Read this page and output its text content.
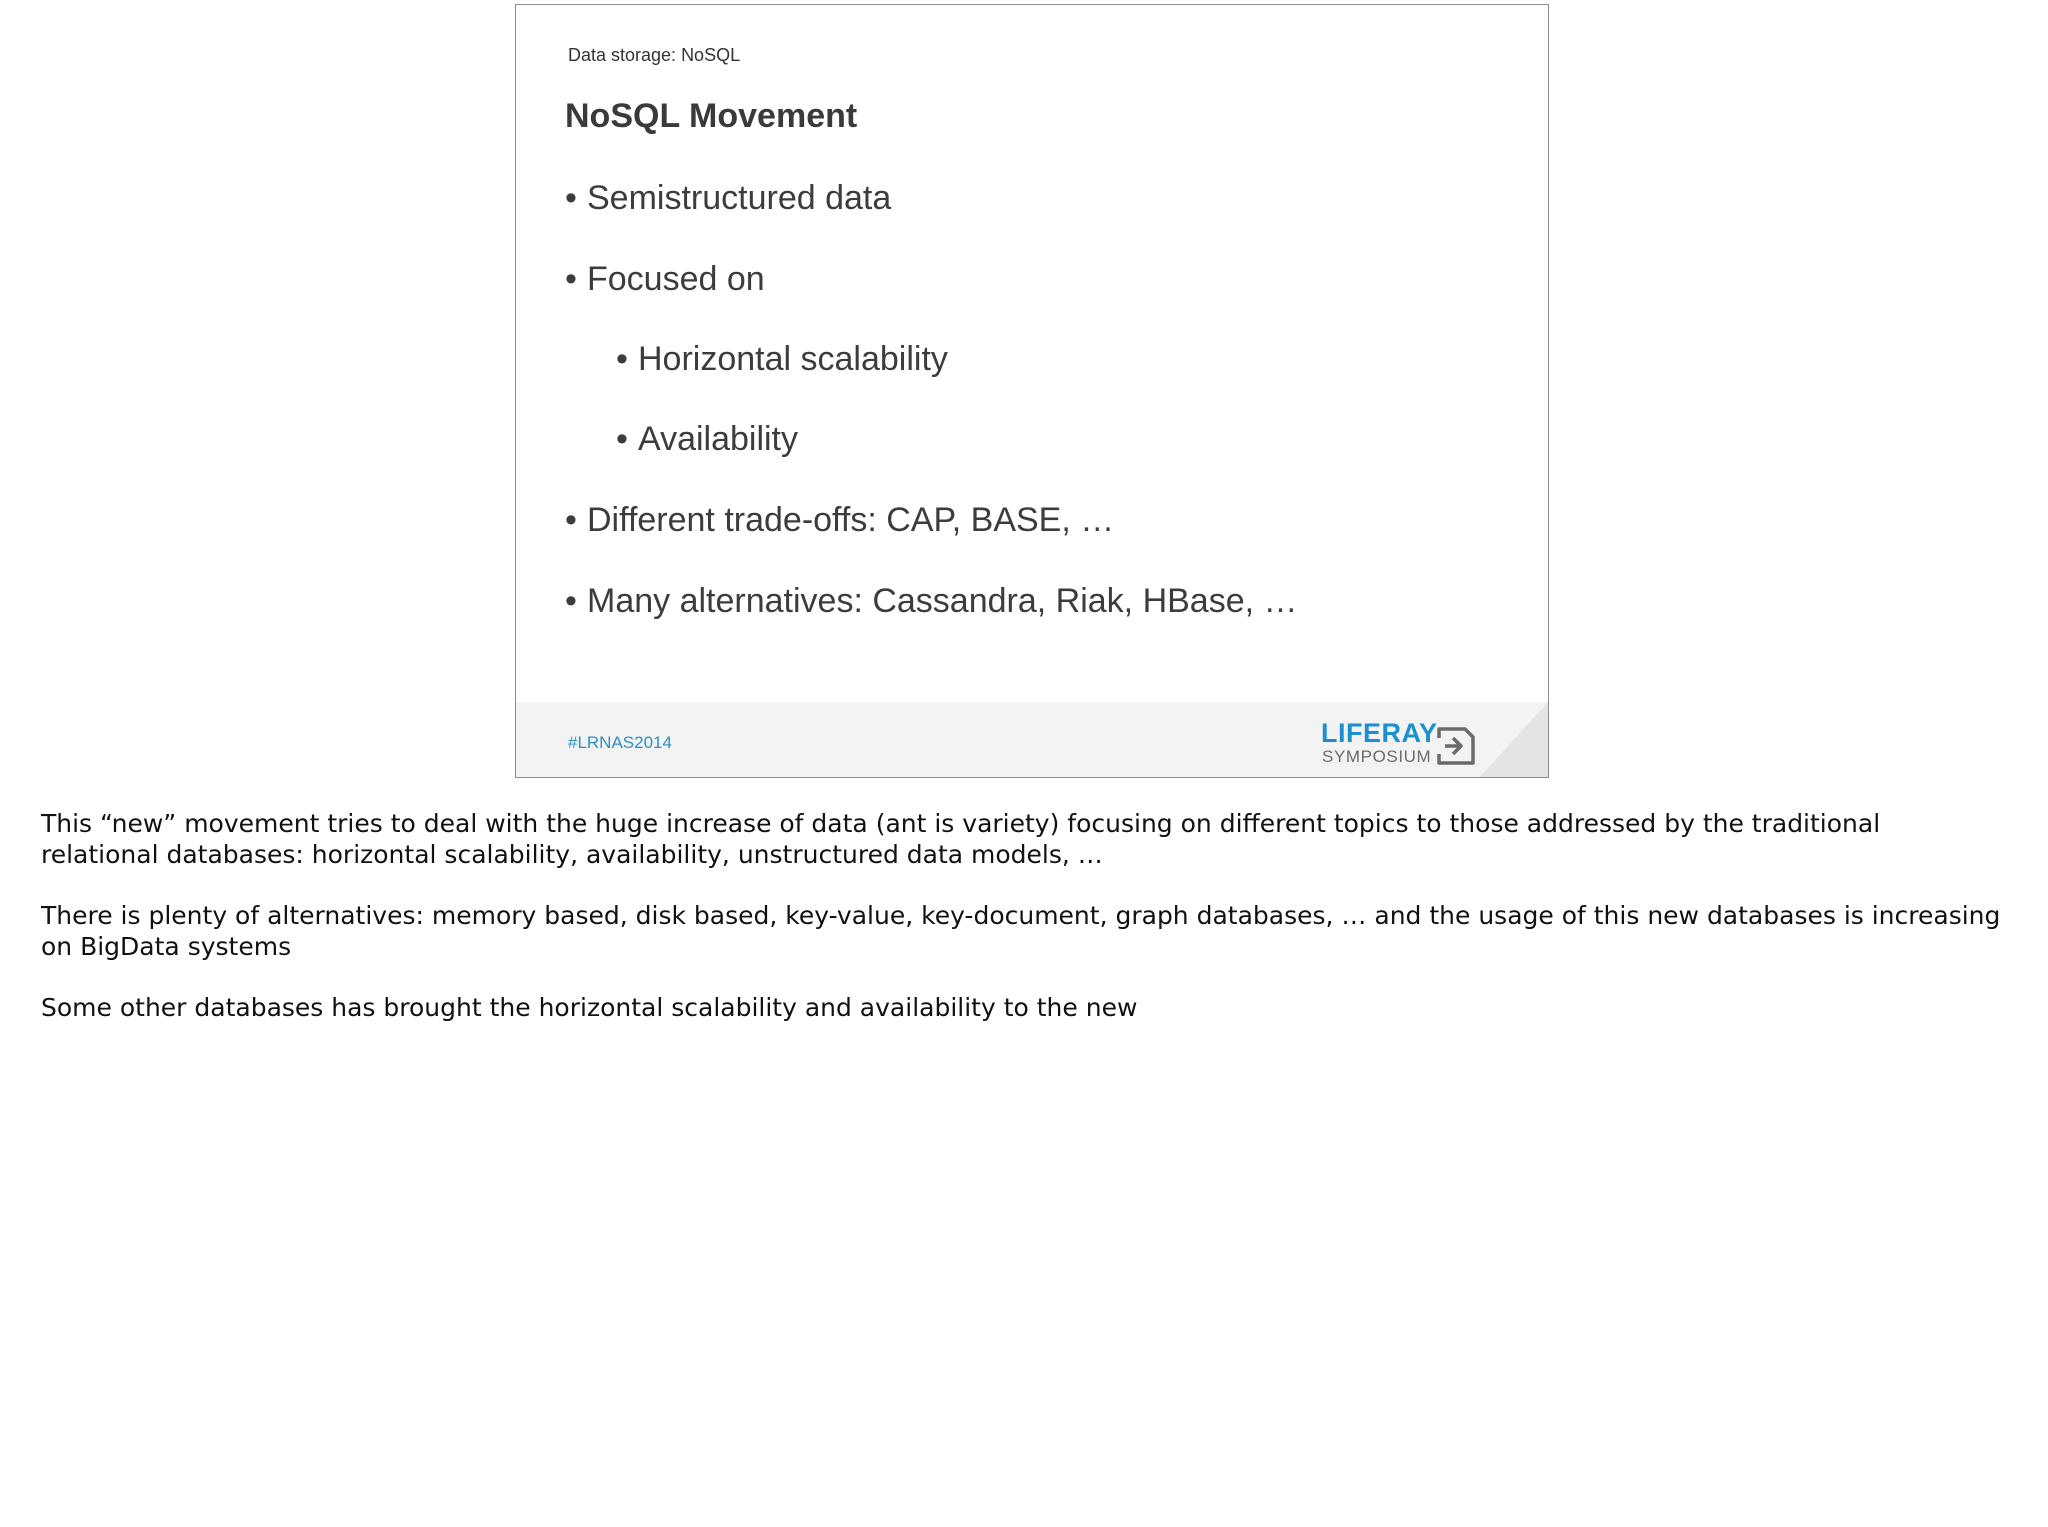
Data storage: NoSQL
NoSQL Movement
• Semistructured data
• Focused on
• Horizontal scalability
• Availability
• Different trade-offs: CAP, BASE, …
• Many alternatives: Cassandra, Riak, HBase, …
#LRNAS2014	LIFERAY
SYMPOSIUM

This “new” movement tries to deal with the huge increase of data (ant is variety) focusing on different topics to those addressed by the traditional relational databases: horizontal scalability, availability, unstructured data models, …

There is plenty of alternatives: memory based, disk based, key-value, key-document, graph databases, … and the usage of this new databases is increasing on BigData systems

Some other databases has brought the horizontal scalability and availability to the new
